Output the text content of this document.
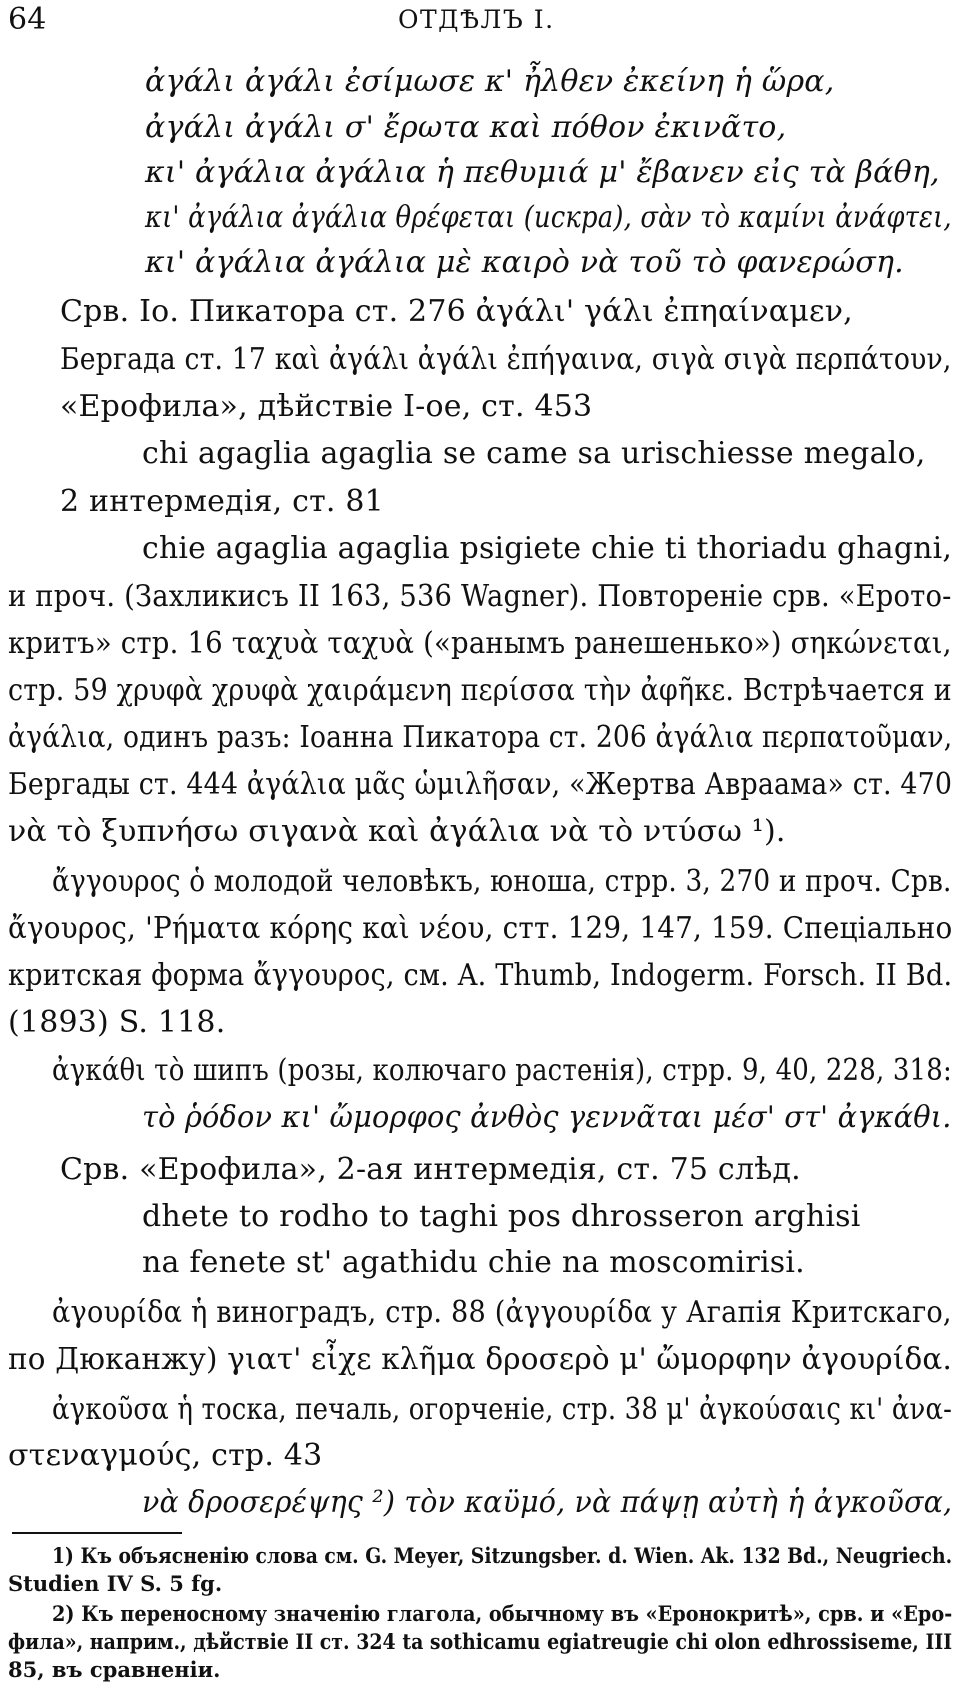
64	ОТДѢЛЪ I.

ἀγάλι ἀγάλι ἐσίμωσε κ' ἦλθεν ἐκείνη ἡ ὥρα,

ἀγάλι ἀγάλι σ' ἔρωτα καὶ πόθον ἐκινᾶτο,

κι' ἀγάλια ἀγάλια ἡ πεθυμιά μ' ἔβανεν εἰς τὰ βάθη,

κι' ἀγάλια ἀγάλια θρέφεται (искра), σὰν τὸ καμίνι ἀνάφτει,

κι' ἀγάλια ἀγάλια μὲ καιρὸ νὰ τοῦ τὸ φανερώση.

Срв. Іо. Пикатора ст. 276 ἀγάλι' γάλι ἐπηαίναμεν,

Бергада ст. 17 καὶ ἀγάλι ἀγάλι ἐπήγαινα, σιγὰ σιγὰ περπάτουν,

«Ерофила», дѣйствіе I-ое, ст. 453

chi agaglia agaglia se came sa urischiesse megalo,

2 интермедія, ст. 81

chie agaglia agaglia psigiete chie ti thoriadu ghagni,

и проч. (Захликисъ II 163, 536 Wagner). Повтореніе срв. «Ерото-

критъ» стр. 16 ταχυὰ ταχυὰ («ранымъ ранешенько») σηκώνεται,

стр. 59 χρυφὰ χρυφὰ χαιράμενη περίσσα τὴν ἀφῆκε. Встрѣчается и

ἀγάλια, одинъ разъ: Іоанна Пикатора ст. 206 ἀγάλια περπατοῦμαν,

Бергады ст. 444 ἀγάλια μᾶς ὡμιλῆσαν, «Жертва Авраама» ст. 470

νὰ τὸ ξυπνήσω σιγανὰ καὶ ἀγάλια νὰ τὸ ντύσω ¹).

ἄγγουρος ὁ молодой человѣкъ, юноша, стрр. 3, 270 и проч. Срв.

ἄγουρος, 'Ρήματα κόρης καὶ νέου, стт. 129, 147, 159. Спеціально

критская форма ἄγγουρος, см. A. Thumb, Indogerm. Forsch. II Bd.

(1893) S. 118.

ἀγκάθι τὸ шипъ (розы, колючаго растенія), стрр. 9, 40, 228, 318:

τὸ ῥόδον κι' ὤμορφος ἀνθὸς γεννᾶται μέσ' στ' ἀγκάθι.

Срв. «Ерофила», 2-ая интермедія, ст. 75 слѣд.

dhete to rodho to taghi pos dhrosseron arghisi

na fenete st' agathidu chie na moscomirisi.

ἀγουρίδα ἡ виноградъ, стр. 88 (ἀγγουρίδα у Агапія Критскаго,

по Дюканжу) γιατ' εἶχε κλῆμα δροσερὸ μ' ὤμορφην ἀγουρίδα.

ἀγκοῦσα ἡ тоска, печаль, огорченіе, стр. 38 μ' ἀγκούσαις κι' ἀνα-

στεναγμούς, стр. 43

νὰ δροσερέψης ²) τὸν καϋμό, νὰ πάψῃ αὐτὴ ἡ ἀγκοῦσα,

1) Къ объясненію слова см. G. Meyer, Sitzungsber. d. Wien. Ak. 132 Bd., Neugriech.

Studien IV S. 5 fg.

2) Къ переносному значенію глагола, обычному въ «Еронокритѣ», срв. и «Еро-

фила», наприм., дѣйствіе II ст. 324 ta sothicamu egiatreugie chi olon edhrossiseme, III

85, въ сравненіи.
